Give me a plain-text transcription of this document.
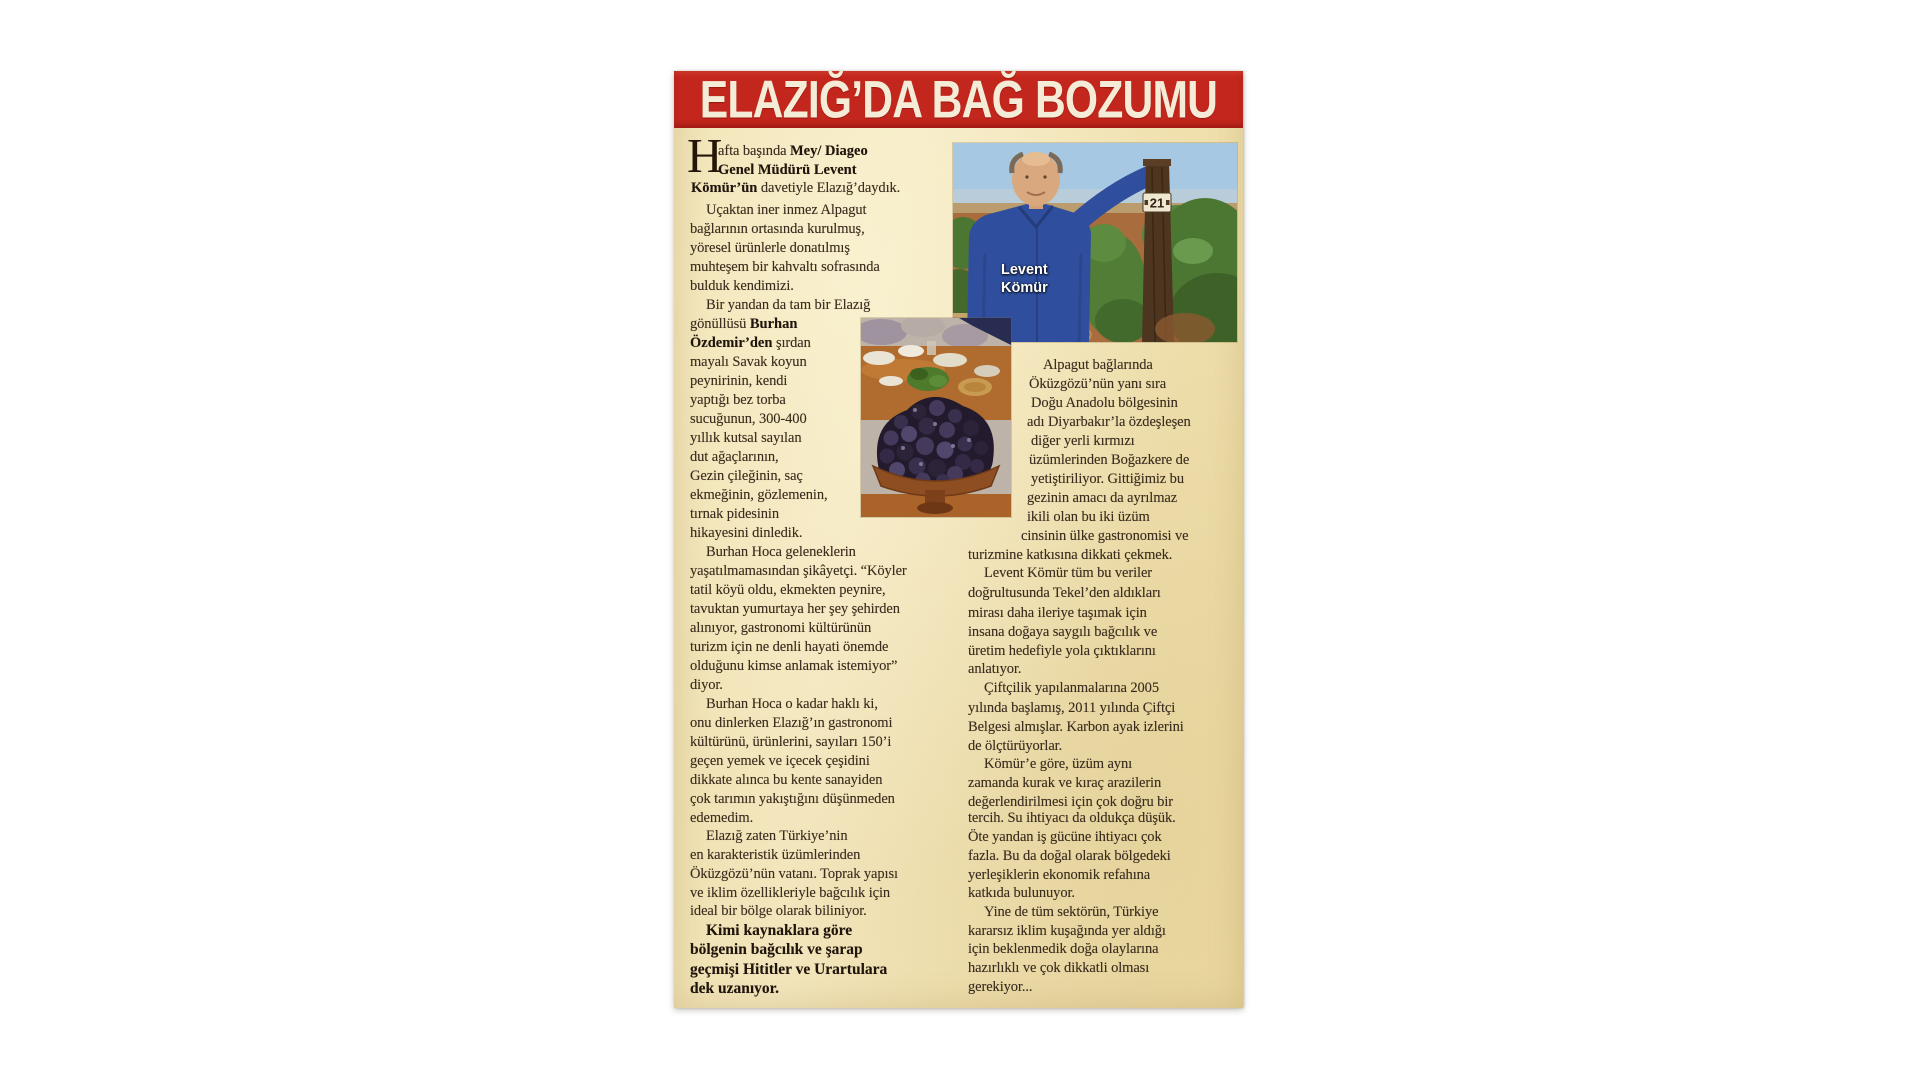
ELAZIĞ’DA BAĞ BOZUMU
H
afta başında Mey/ Diageo
Genel Müdürü Levent
Kömür’ün davetiyle Elazığ’daydık.
Uçaktan iner inmez Alpagut
bağlarının ortasında kurulmuş,
yöresel ürünlerle donatılmış
muhteşem bir kahvaltı sofrasında
bulduk kendimizi.
Bir yandan da tam bir Elazığ
gönüllüsü Burhan
Özdemir’den şırdan
mayalı Savak koyun
peynirinin, kendi
yaptığı bez torba
sucuğunun, 300-400
yıllık kutsal sayılan
dut ağaçlarının,
Gezin çileğinin, saç
ekmeğinin, gözlemenin,
tırnak pidesinin
hikayesini dinledik.
Burhan Hoca geleneklerin
yaşatılmamasından şikâyetçi. “Köyler
tatil köyü oldu, ekmekten peynire,
tavuktan yumurtaya her şey şehirden
alınıyor, gastronomi kültürünün
turizm için ne denli hayati önemde
olduğunu kimse anlamak istemiyor”
diyor.
Burhan Hoca o kadar haklı ki,
onu dinlerken Elazığ’ın gastronomi
kültürünü, ürünlerini, sayıları 150’i
geçen yemek ve içecek çeşidini
dikkate alınca bu kente sanayiden
çok tarımın yakıştığını düşünmeden
edemedim.
Elazığ zaten Türkiye’nin
en karakteristik üzümlerinden
Öküzgözü’nün vatanı. Toprak yapısı
ve iklim özellikleriyle bağcılık için
ideal bir bölge olarak biliniyor.
Kimi kaynaklara göre
bölgenin bağcılık ve şarap
geçmişi Hititler ve Urartulara
dek uzanıyor.
Alpagut bağlarında
Öküzgözü’nün yanı sıra
Doğu Anadolu bölgesinin
adı Diyarbakır’la özdeşleşen
diğer yerli kırmızı
üzümlerinden Boğazkere de
yetiştiriliyor. Gittiğimiz bu
gezinin amacı da ayrılmaz
ikili olan bu iki üzüm
cinsinin ülke gastronomisi ve
turizmine katkısına dikkati çekmek.
Levent Kömür tüm bu veriler
doğrultusunda Tekel’den aldıkları
mirası daha ileriye taşımak için
insana doğaya saygılı bağcılık ve
üretim hedefiyle yola çıktıklarını
anlatıyor.
Çiftçilik yapılanmalarına 2005
yılında başlamış, 2011 yılında Çiftçi
Belgesi almışlar. Karbon ayak izlerini
de ölçtürüyorlar.
Kömür’e göre, üzüm aynı
zamanda kurak ve kıraç arazilerin
değerlendirilmesi için çok doğru bir
tercih. Su ihtiyacı da oldukça düşük.
Öte yandan iş gücüne ihtiyacı çok
fazla. Bu da doğal olarak bölgedeki
yerleşiklerin ekonomik refahına
katkıda bulunuyor.
Yine de tüm sektörün, Türkiye
kararsız iklim kuşağında yer aldığı
için beklenmedik doğa olaylarına
hazırlıklı ve çok dikkatli olması
gerekiyor...
21
Levent
Kömür
